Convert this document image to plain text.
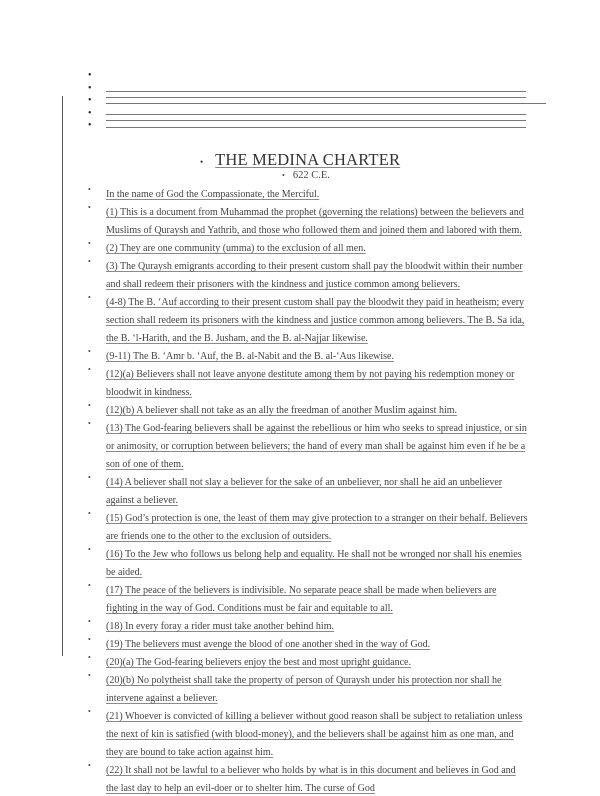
•
•
•
•
•
• THE MEDINA CHARTER
• 622 C.E.
• In the name of God the Compassionate, the Merciful.
• (1) This is a document from Muhammad the prophet (governing the relations) between the believers and Muslims of Quraysh and Yathrib, and those who followed them and joined them and labored with them.
• (2) They are one community (umma) to the exclusion of all men.
• (3) The Quraysh emigrants according to their present custom shall pay the bloodwit within their number and shall redeem their prisoners with the kindness and justice common among believers.
• (4-8) The B. ʻAuf according to their present custom shall pay the bloodwit they paid in heatheism; every section shall redeem its prisoners with the kindness and justice common among believers. The B. Sa ida, the B. ʻl-Harith, and the B. Jusham, and the B. al-Najjar likewise.
• (9-11) The B. ʻAmr b. ʻAuf, the B. al-Nabit and the B. al-ʻAus likewise.
• (12)(a) Believers shall not leave anyone destitute among them by not paying his redemption money or bloodwit in kindness.
• (12)(b) A believer shall not take as an ally the freedman of another Muslim against him.
• (13) The God-fearing believers shall be against the rebellious or him who seeks to spread injustice, or sin or animosity, or corruption between believers; the hand of every man shall be against him even if he be a son of one of them.
• (14) A believer shall not slay a believer for the sake of an unbeliever, nor shall he aid an unbeliever against a believer.
• (15) God’s protection is one, the least of them may give protection to a stranger on their behalf. Believers are friends one to the other to the exclusion of outsiders.
• (16) To the Jew who follows us belong help and equality. He shall not be wronged nor shall his enemies be aided.
• (17) The peace of the believers is indivisible. No separate peace shall be made when believers are fighting in the way of God. Conditions must be fair and equitable to all.
• (18) In every foray a rider must take another behind him.
• (19) The believers must avenge the blood of one another shed in the way of God.
• (20)(a) The God-fearing believers enjoy the best and most upright guidance.
• (20)(b) No polytheist shall take the property of person of Quraysh under his protection nor shall he intervene against a believer.
• (21) Whoever is convicted of killing a believer without good reason shall be subject to retaliation unless the next of kin is satisfied (with blood-money), and the believers shall be against him as one man, and they are bound to take action against him.
• (22) It shall not be lawful to a believer who holds by what is in this document and believes in God and the last day to help an evil-doer or to shelter him. The curse of God
